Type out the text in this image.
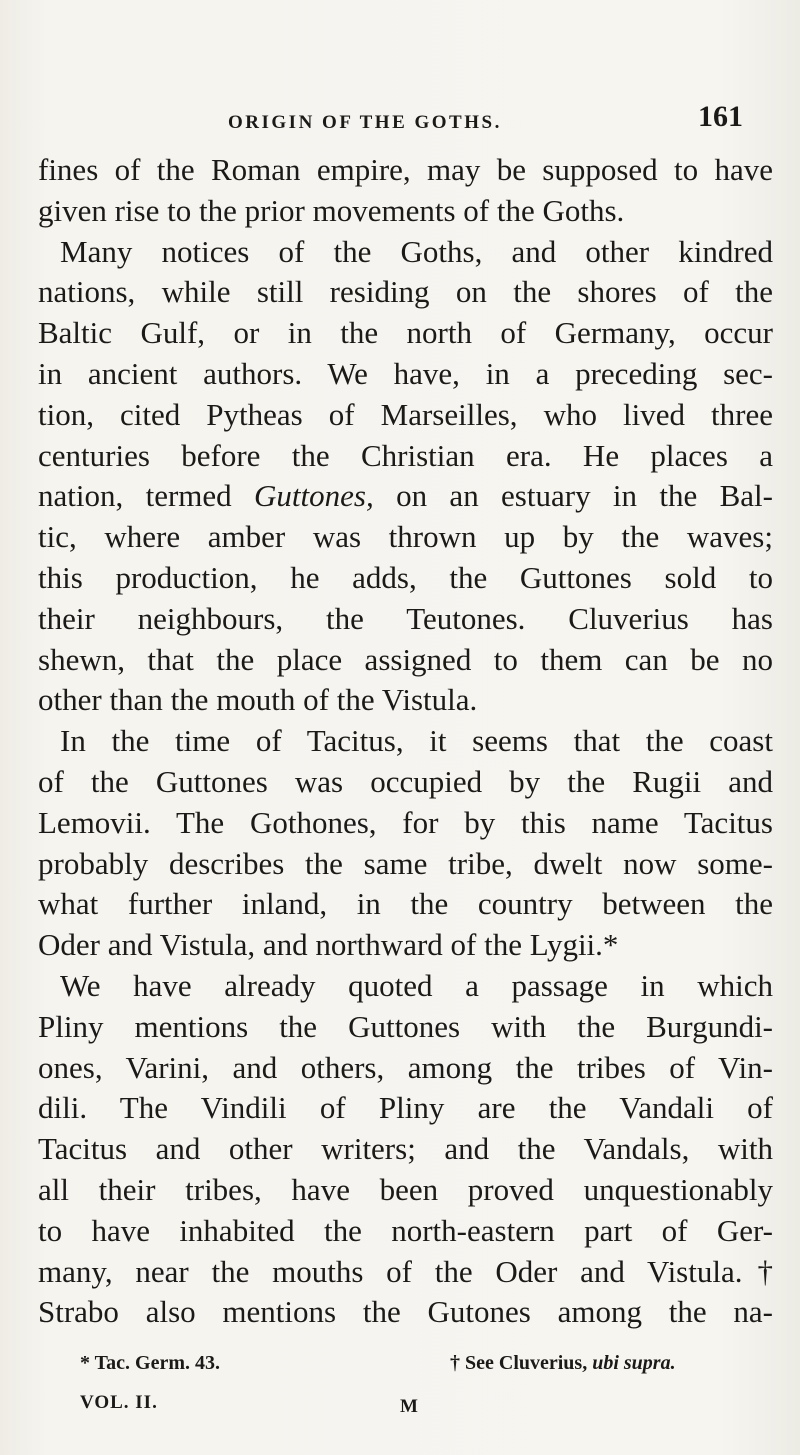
ORIGIN OF THE GOTHS.	161
fines of the Roman empire, may be supposed to have
given rise to the prior movements of the Goths.
Many notices of the Goths, and other kindred
nations, while still residing on the shores of the
Baltic Gulf, or in the north of Germany, occur
in ancient authors. We have, in a preceding sec-
tion, cited Pytheas of Marseilles, who lived three
centuries before the Christian era. He places a
nation, termed Guttones, on an estuary in the Bal-
tic, where amber was thrown up by the waves;
this production, he adds, the Guttones sold to
their neighbours, the Teutones. Cluverius has
shewn, that the place assigned to them can be no
other than the mouth of the Vistula.
In the time of Tacitus, it seems that the coast
of the Guttones was occupied by the Rugii and
Lemovii. The Gothones, for by this name Tacitus
probably describes the same tribe, dwelt now some-
what further inland, in the country between the
Oder and Vistula, and northward of the Lygii.*
We have already quoted a passage in which
Pliny mentions the Guttones with the Burgundi-
ones, Varini, and others, among the tribes of Vin-
dili. The Vindili of Pliny are the Vandali of
Tacitus and other writers; and the Vandals, with
all their tribes, have been proved unquestionably
to have inhabited the north-eastern part of Ger-
many, near the mouths of the Oder and Vistula.†
Strabo also mentions the Gutones among the na-
* Tac. Germ. 43.	† See Cluverius, ubi supra.
VOL. II.	M
